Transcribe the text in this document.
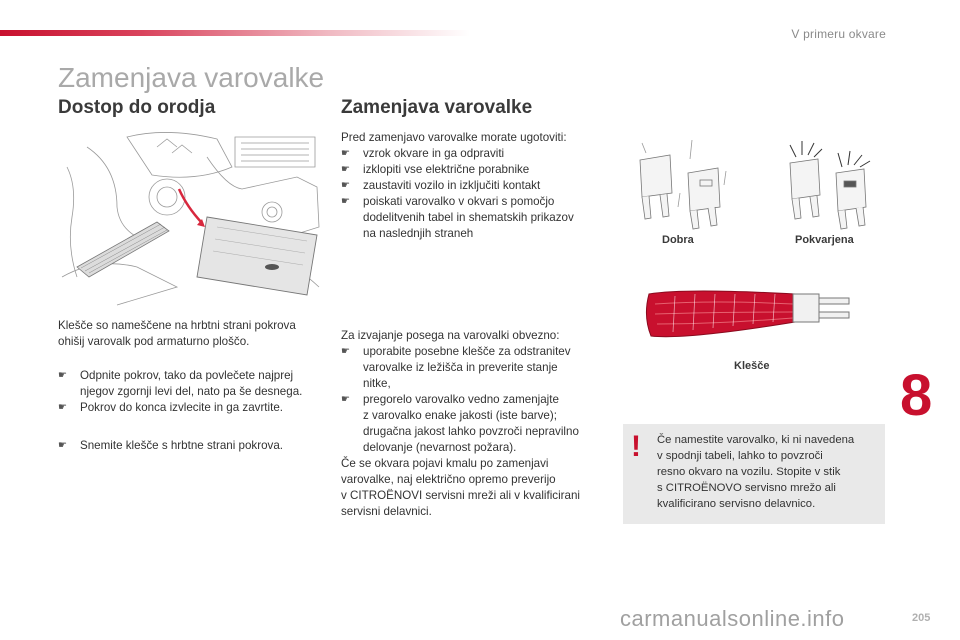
V primeru okvare
Zamenjava varovalke
Dostop do orodja	Zamenjava varovalke
Klešče so nameščene na hrbtni strani pokrova
ohišij varovalk pod armaturno ploščo.
☛	Odpnite pokrov, tako da povlečete najprej
njegov zgornji levi del, nato pa še desnega.
☛	Pokrov do konca izvlecite in ga zavrtite.
☛	Snemite klešče s hrbtne strani pokrova.
Pred zamenjavo varovalke morate ugotoviti:
☛	vzrok okvare in ga odpraviti
☛	izklopiti vse električne porabnike
☛	zaustaviti vozilo in izključiti kontakt
☛	poiskati varovalko v okvari s pomočjo
dodelitvenih tabel in shematskih prikazov
na naslednjih straneh
Za izvajanje posega na varovalki obvezno:
☛	uporabite posebne klešče za odstranitev
varovalke iz ležišča in preverite stanje
nitke,
☛	pregorelo varovalko vedno zamenjajte
z varovalko enake jakosti (iste barve);
drugačna jakost lahko povzroči nepravilno
delovanje (nevarnost požara).
Če se okvara pojavi kmalu po zamenjavi
varovalke, naj električno opremo preverijo
v CITROËNOVI servisni mreži ali v kvalificirani
servisni delavnici.
Dobra	Pokvarjena
Klešče
! Če namestite varovalko, ki ni navedena
v spodnji tabeli, lahko to povzroči
resno okvaro na vozilu. Stopite v stik
s CITROËNOVO servisno mrežo ali
kvalificirano servisno delavnico.
8
205
carmanualsonline.info
